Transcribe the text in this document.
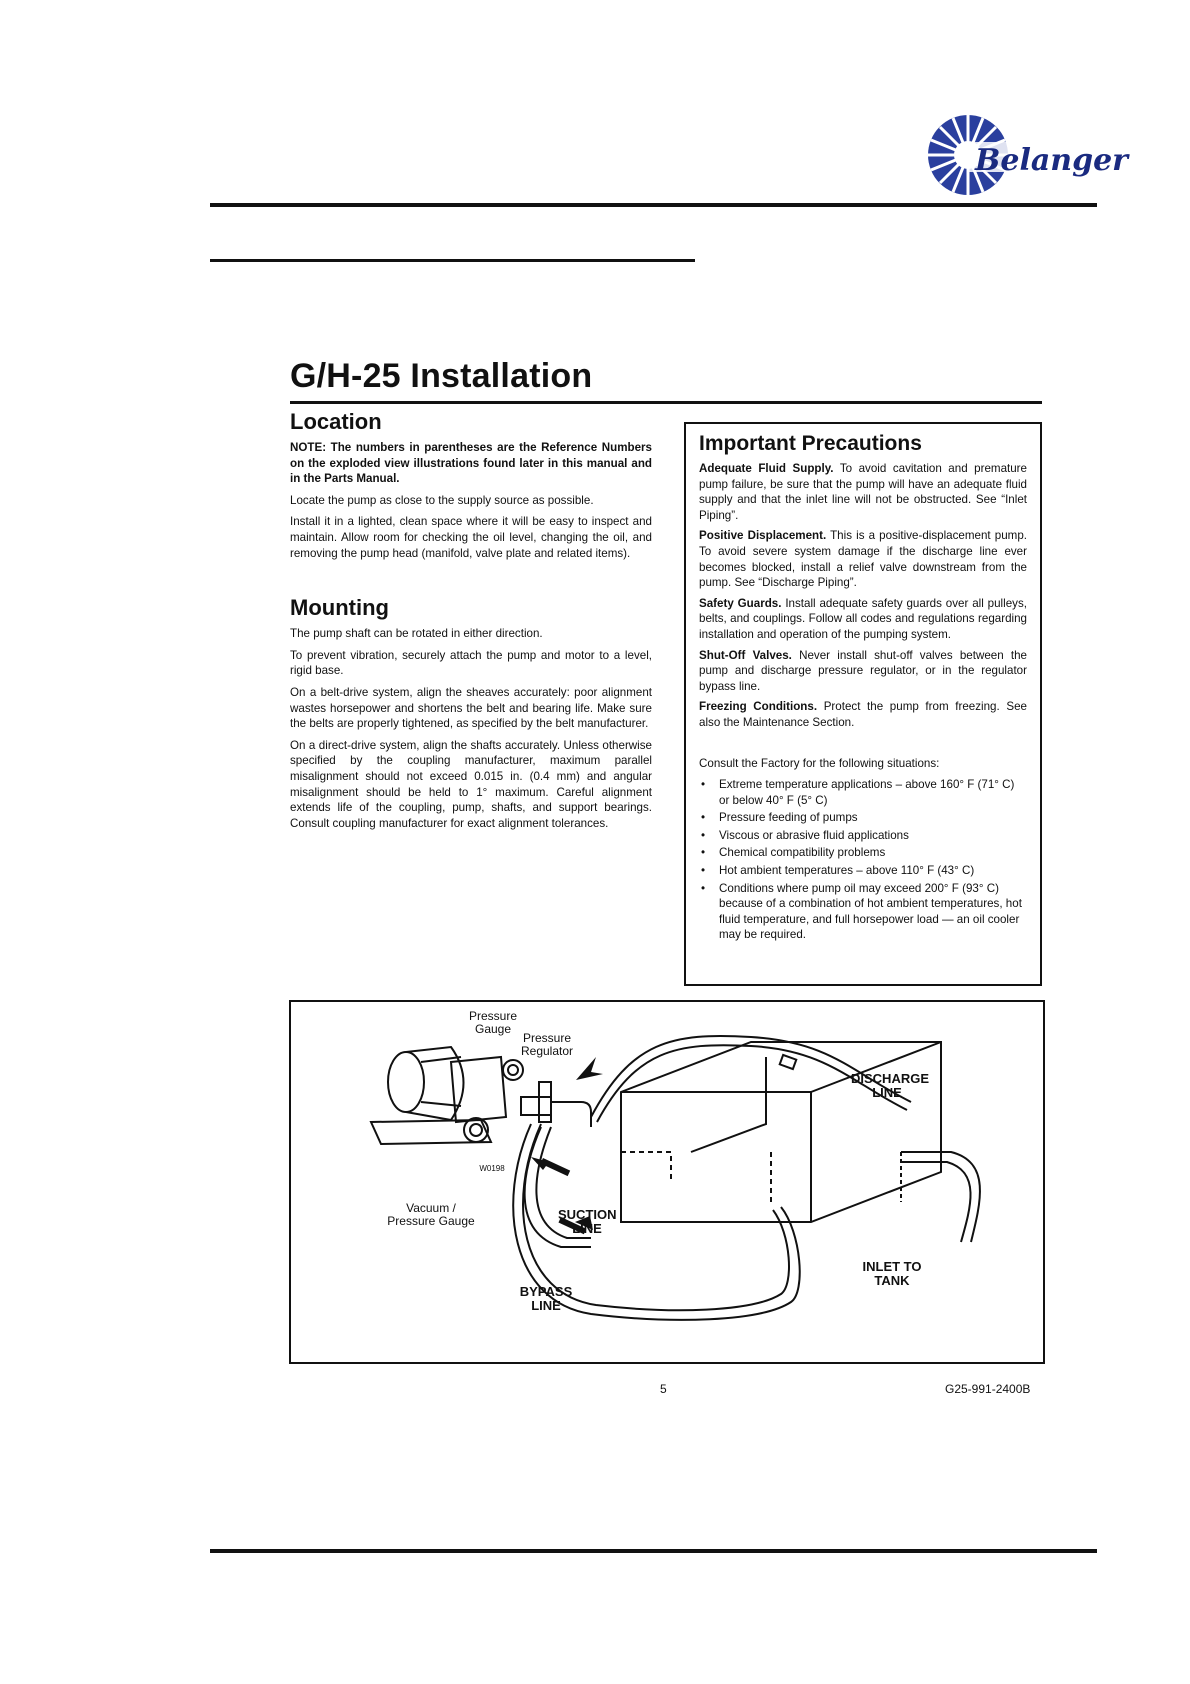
Belanger
G/H-25 Installation
Location

NOTE: The numbers in parentheses are the Reference Numbers on the exploded view illustrations found later in this manual and in the Parts Manual.

Locate the pump as close to the supply source as possible.

Install it in a lighted, clean space where it will be easy to inspect and maintain. Allow room for checking the oil level, changing the oil, and removing the pump head (manifold, valve plate and related items).

Mounting

The pump shaft can be rotated in either direction.

To prevent vibration, securely attach the pump and motor to a level, rigid base.

On a belt-drive system, align the sheaves accurately: poor alignment wastes horsepower and shortens the belt and bearing life. Make sure the belts are properly tightened, as specified by the belt manufacturer.

On a direct-drive system, align the shafts accurately. Unless otherwise specified by the coupling manufacturer, maximum parallel misalignment should not exceed 0.015 in. (0.4 mm) and angular misalignment should be held to 1° maximum. Careful alignment extends life of the coupling, pump, shafts, and support bearings. Consult coupling manufacturer for exact alignment tolerances.

Important Precautions

Adequate Fluid Supply. To avoid cavitation and premature pump failure, be sure that the pump will have an adequate fluid supply and that the inlet line will not be obstructed. See “Inlet Piping”.

Positive Displacement. This is a positive-displacement pump. To avoid severe system damage if the discharge line ever becomes blocked, install a relief valve downstream from the pump. See “Discharge Piping”.

Safety Guards. Install adequate safety guards over all pulleys, belts, and couplings. Follow all codes and regulations regarding installation and operation of the pumping system.

Shut-Off Valves. Never install shut-off valves between the pump and discharge pressure regulator, or in the regulator bypass line.

Freezing Conditions. Protect the pump from freezing. See also the Maintenance Section.

Consult the Factory for the following situations:

• Extreme temperature applications – above 160° F (71° C) or below 40° F (5° C)
• Pressure feeding of pumps
• Viscous or abrasive fluid applications
• Chemical compatibility problems
• Hot ambient temperatures – above 110° F (43° C)
• Conditions where pump oil may exceed 200° F (93° C) because of a combination of hot ambient temperatures, hot fluid temperature, and full horsepower load — an oil cooler may be required.
Pressure Gauge
Pressure Regulator
DISCHARGE LINE
W0198
Vacuum / Pressure Gauge	SUCTION LINE
BYPASS LINE
INLET TO TANK
5	G25-991-2400B
